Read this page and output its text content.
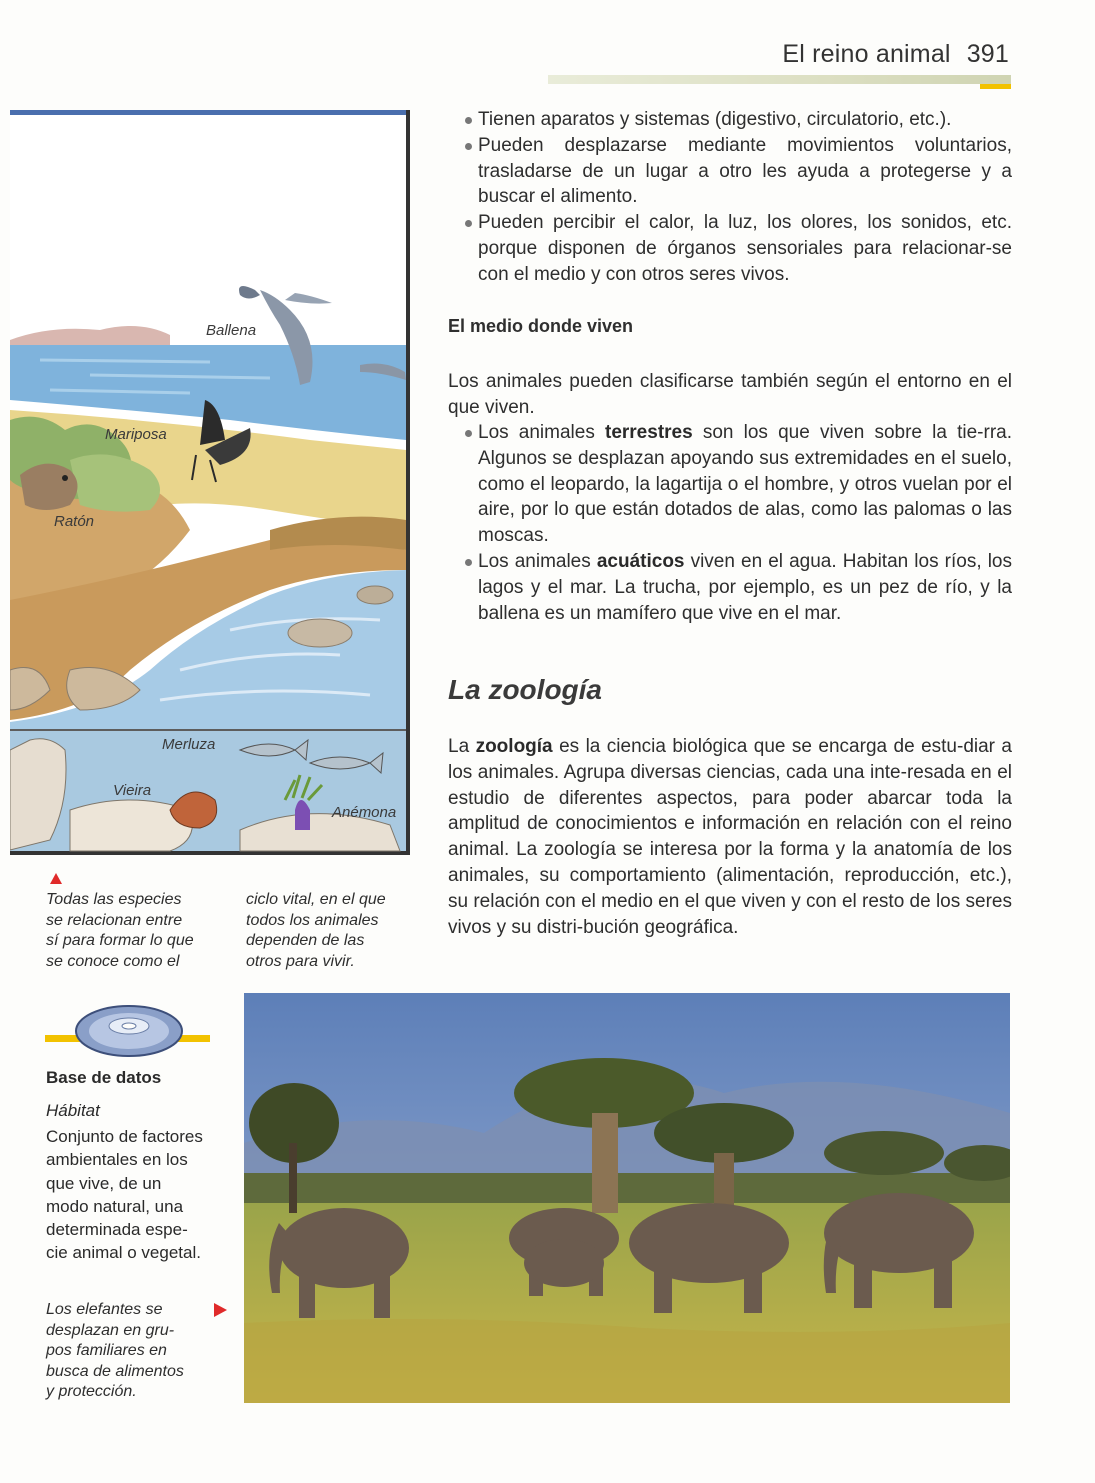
El reino animal 391
Ballena
Mariposa
Ratón
Merluza
Vieira
Anémona
Todas las especies
se relacionan entre
sí para formar lo que
se conoce como el
ciclo vital, en el que
todos los animales
dependen de las
otros para vivir.
Base de datos
Hábitat
Conjunto de factores
ambientales en los
que vive, de un
modo natural, una
determinada espe-
cie animal o vegetal.
Los elefantes se
desplazan en gru-
pos familiares en
busca de alimentos
y protección.
Tienen aparatos y sistemas (digestivo, circulatorio, etc.).
Pueden desplazarse mediante movimientos voluntarios, trasladarse de un lugar a otro les ayuda a protegerse y a buscar el alimento.
Pueden percibir el calor, la luz, los olores, los sonidos, etc. porque disponen de órganos sensoriales para relacionar-se con el medio y con otros seres vivos.
El medio donde viven
Los animales pueden clasificarse también según el entorno en el que viven.
Los animales terrestres son los que viven sobre la tie-rra. Algunos se desplazan apoyando sus extremidades en el suelo, como el leopardo, la lagartija o el hombre, y otros vuelan por el aire, por lo que están dotados de alas, como las palomas o las moscas.
Los animales acuáticos viven en el agua. Habitan los ríos, los lagos y el mar. La trucha, por ejemplo, es un pez de río, y la ballena es un mamífero que vive en el mar.
La zoología
La zoología es la ciencia biológica que se encarga de estu-diar a los animales. Agrupa diversas ciencias, cada una inte-resada en el estudio de diferentes aspectos, para poder abarcar toda la amplitud de conocimientos e información en relación con el reino animal. La zoología se interesa por la forma y la anatomía de los animales, su comportamiento (alimentación, reproducción, etc.), su relación con el medio en el que viven y con el resto de los seres vivos y su distri-bución geográfica.
